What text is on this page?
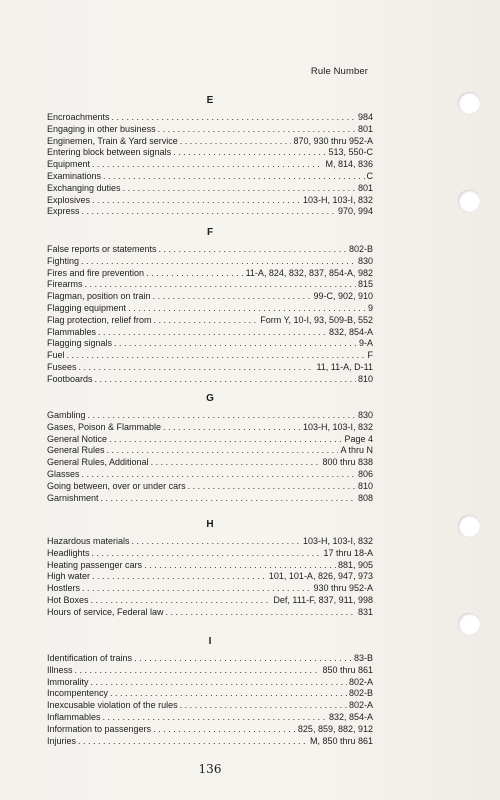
Rule Number
E
Encroachments . . .	984
Engaging in other business . . .	801
Enginemen, Train & Yard service . . .	870, 930 thru 952-A
Entering block between signals . . .	513, 550-C
Equipment . . .	M, 814, 836
Examinations . . .	C
Exchanging duties . . .	801
Explosives . . .	103-H, 103-I, 832
Express . . .	970, 994
F
False reports or statements . . .	802-B
Fighting . . .	830
Fires and fire prevention . . .	11-A, 824, 832, 837, 854-A, 982
Firearms . . .	815
Flagman, position on train . . .	99-C, 902, 910
Flagging equipment . . .	9
Flag protection, relief from . . .	Form Y, 10-I, 93, 509-B, 552
Flammables . . .	832, 854-A
Flagging signals . . .	9-A
Fuel . . .	F
Fusees . . .	11, 11-A, D-11
Footboards . . .	810
G
Gambling . . .	830
Gases, Poison & Flammable . . .	103-H, 103-I, 832
General Notice . . .	Page 4
General Rules . . .	A thru N
General Rules, Additional . . .	800 thru 838
Glasses . . .	806
Going between, over or under cars . . .	810
Garnishment . . .	808
H
Hazardous materials . . .	103-H, 103-I, 832
Headlights . . .	17 thru 18-A
Heating passenger cars . . .	881, 905
High water . . .	101, 101-A, 826, 947, 973
Hostlers . . .	930 thru 952-A
Hot Boxes . . .	Def, 111-F, 837, 911, 998
Hours of service, Federal law . . .	831
I
Identification of trains . . .	83-B
Illness . . .	850 thru 861
Immorality . . .	802-A
Incompentency . . .	802-B
Inexcusable violation of the rules . . .	802-A
Inflammables . . .	832, 854-A
Information to passengers . . .	825, 859, 882, 912
Injuries . . .	M, 850 thru 861
136
